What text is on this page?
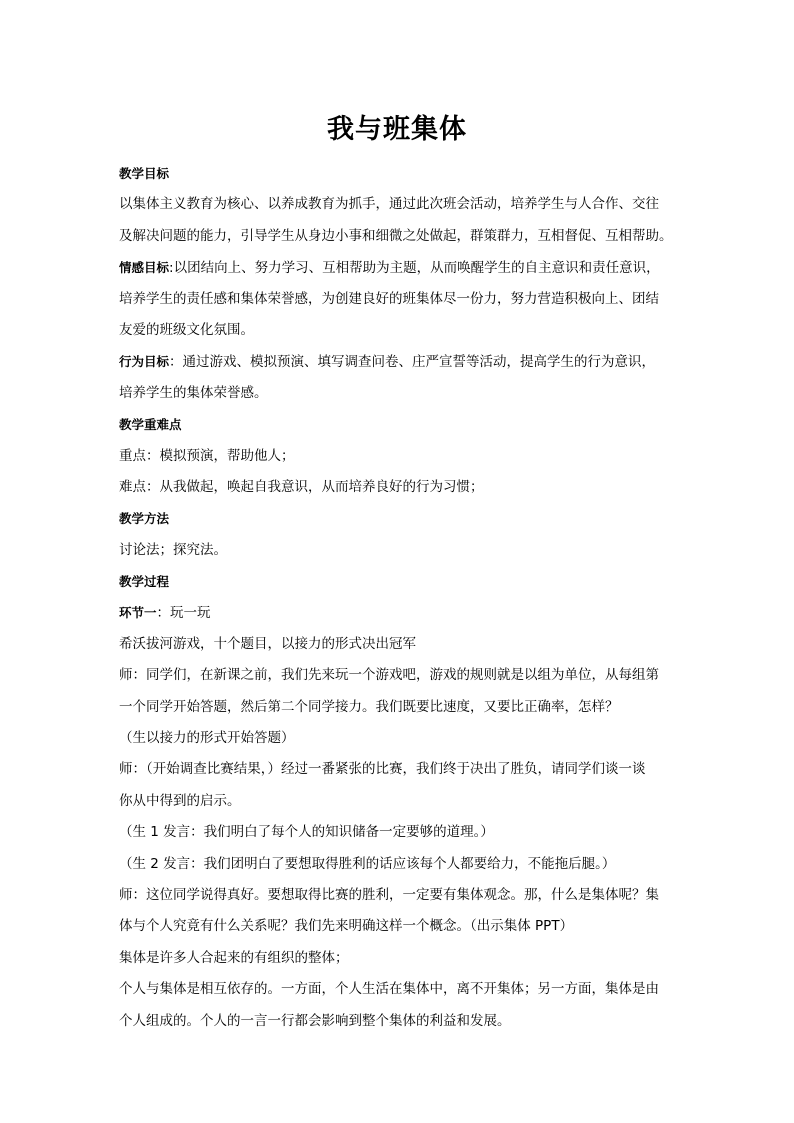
我与班集体
教学目标
以集体主义教育为核心、以养成教育为抓手，通过此次班会活动，培养学生与人合作、交往
及解决问题的能力，引导学生从身边小事和细微之处做起，群策群力，互相督促、互相帮助。
情感目标:以团结向上、努力学习、互相帮助为主题，从而唤醒学生的自主意识和责任意识，
培养学生的责任感和集体荣誉感，为创建良好的班集体尽一份力，努力营造积极向上、团结
友爱的班级文化氛围。
行为目标：通过游戏、模拟预演、填写调查问卷、庄严宣誓等活动，提高学生的行为意识，
培养学生的集体荣誉感。
教学重难点
重点：模拟预演，帮助他人；
难点：从我做起，唤起自我意识，从而培养良好的行为习惯；
教学方法
讨论法；探究法。
教学过程
环节一：玩一玩
希沃拔河游戏，十个题目，以接力的形式决出冠军
师：同学们，在新课之前，我们先来玩一个游戏吧，游戏的规则就是以组为单位，从每组第
一个同学开始答题，然后第二个同学接力。我们既要比速度，又要比正确率，怎样？
（生以接力的形式开始答题）
师：（开始调查比赛结果，）经过一番紧张的比赛，我们终于决出了胜负，请同学们谈一谈
你从中得到的启示。
（生 1 发言：我们明白了每个人的知识储备一定要够的道理。）
（生 2 发言：我们团明白了要想取得胜利的话应该每个人都要给力，不能拖后腿。）
师：这位同学说得真好。要想取得比赛的胜利，一定要有集体观念。那，什么是集体呢？集
体与个人究竟有什么关系呢？我们先来明确这样一个概念。（出示集体 PPT）
集体是许多人合起来的有组织的整体；
个人与集体是相互依存的。一方面，个人生活在集体中，离不开集体；另一方面，集体是由
个人组成的。个人的一言一行都会影响到整个集体的利益和发展。
